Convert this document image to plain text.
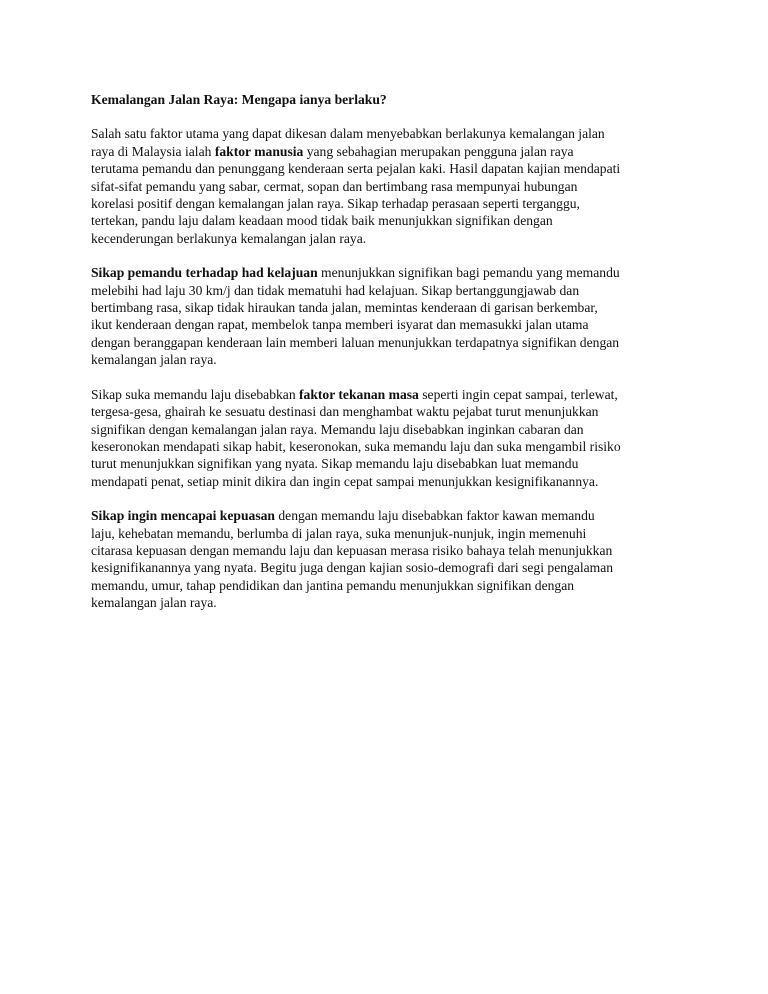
Kemalangan Jalan Raya: Mengapa ianya berlaku?

Salah satu faktor utama yang dapat dikesan dalam menyebabkan berlakunya kemalangan jalan
raya di Malaysia ialah faktor manusia yang sebahagian merupakan pengguna jalan raya
terutama pemandu dan penunggang kenderaan serta pejalan kaki. Hasil dapatan kajian mendapati
sifat-sifat pemandu yang sabar, cermat, sopan dan bertimbang rasa mempunyai hubungan
korelasi positif dengan kemalangan jalan raya. Sikap terhadap perasaan seperti terganggu,
tertekan, pandu laju dalam keadaan mood tidak baik menunjukkan signifikan dengan
kecenderungan berlakunya kemalangan jalan raya.

Sikap pemandu terhadap had kelajuan menunjukkan signifikan bagi pemandu yang memandu
melebihi had laju 30 km/j dan tidak mematuhi had kelajuan. Sikap bertanggungjawab dan
bertimbang rasa, sikap tidak hiraukan tanda jalan, memintas kenderaan di garisan berkembar,
ikut kenderaan dengan rapat, membelok tanpa memberi isyarat dan memasukki jalan utama
dengan beranggapan kenderaan lain memberi laluan menunjukkan terdapatnya signifikan dengan
kemalangan jalan raya.

Sikap suka memandu laju disebabkan faktor tekanan masa seperti ingin cepat sampai, terlewat,
tergesa-gesa, ghairah ke sesuatu destinasi dan menghambat waktu pejabat turut menunjukkan
signifikan dengan kemalangan jalan raya. Memandu laju disebabkan inginkan cabaran dan
keseronokan mendapati sikap habit, keseronokan, suka memandu laju dan suka mengambil risiko
turut menunjukkan signifikan yang nyata. Sikap memandu laju disebabkan luat memandu
mendapati penat, setiap minit dikira dan ingin cepat sampai menunjukkan kesignifikanannya.

Sikap ingin mencapai kepuasan dengan memandu laju disebabkan faktor kawan memandu
laju, kehebatan memandu, berlumba di jalan raya, suka menunjuk-nunjuk, ingin memenuhi
citarasa kepuasan dengan memandu laju dan kepuasan merasa risiko bahaya telah menunjukkan
kesignifikanannya yang nyata. Begitu juga dengan kajian sosio-demografi dari segi pengalaman
memandu, umur, tahap pendidikan dan jantina pemandu menunjukkan signifikan dengan
kemalangan jalan raya.
